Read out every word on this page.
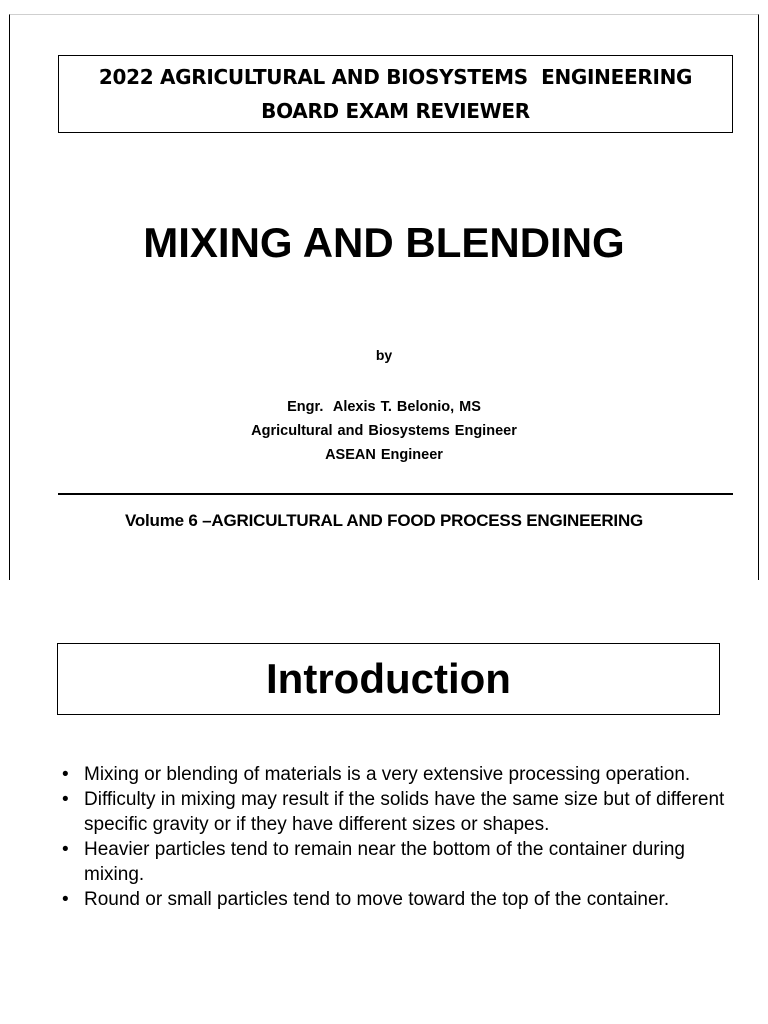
2022 AGRICULTURAL AND BIOSYSTEMS  ENGINEERING
BOARD EXAM REVIEWER
MIXING AND BLENDING
by
Engr.  Alexis T. Belonio, MS
Agricultural and Biosystems Engineer
ASEAN Engineer
Volume 6 –AGRICULTURAL AND FOOD PROCESS ENGINEERING
Introduction
• Mixing or blending of materials is a very extensive processing operation.
• Difficulty in mixing may result if the solids have the same size but of different specific gravity or if they have different sizes or shapes.
• Heavier particles tend to remain near the bottom of the container during mixing.
• Round or small particles tend to move toward the top of the container.
